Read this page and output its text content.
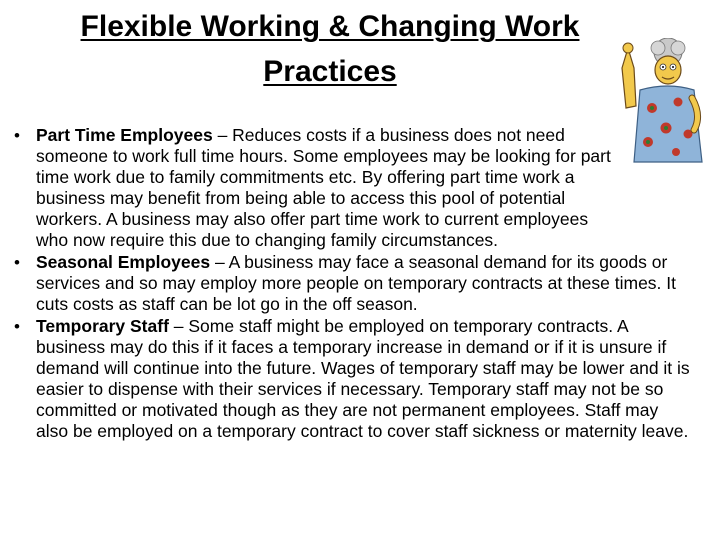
Flexible Working & Changing Work Practices
• Part Time Employees – Reduces costs if a business does not need someone to work full time hours. Some employees may be looking for part time work due to family commitments etc. By offering part time work a business may benefit from being able to access this pool of potential workers. A business may also offer part time work to current employees who now require this due to changing family circumstances.
• Seasonal Employees – A business may face a seasonal demand for its goods or services and so may employ more people on temporary contracts at these times. It cuts costs as staff can be lot go in the off season.
• Temporary Staff – Some staff might be employed on temporary contracts. A business may do this if it faces a temporary increase in demand or if it is unsure if demand will continue into the future. Wages of temporary staff may be lower and it is easier to dispense with their services if necessary. Temporary staff may not be so committed or motivated though as they are not permanent employees. Staff may also be employed on a temporary contract to cover staff sickness or maternity leave.
